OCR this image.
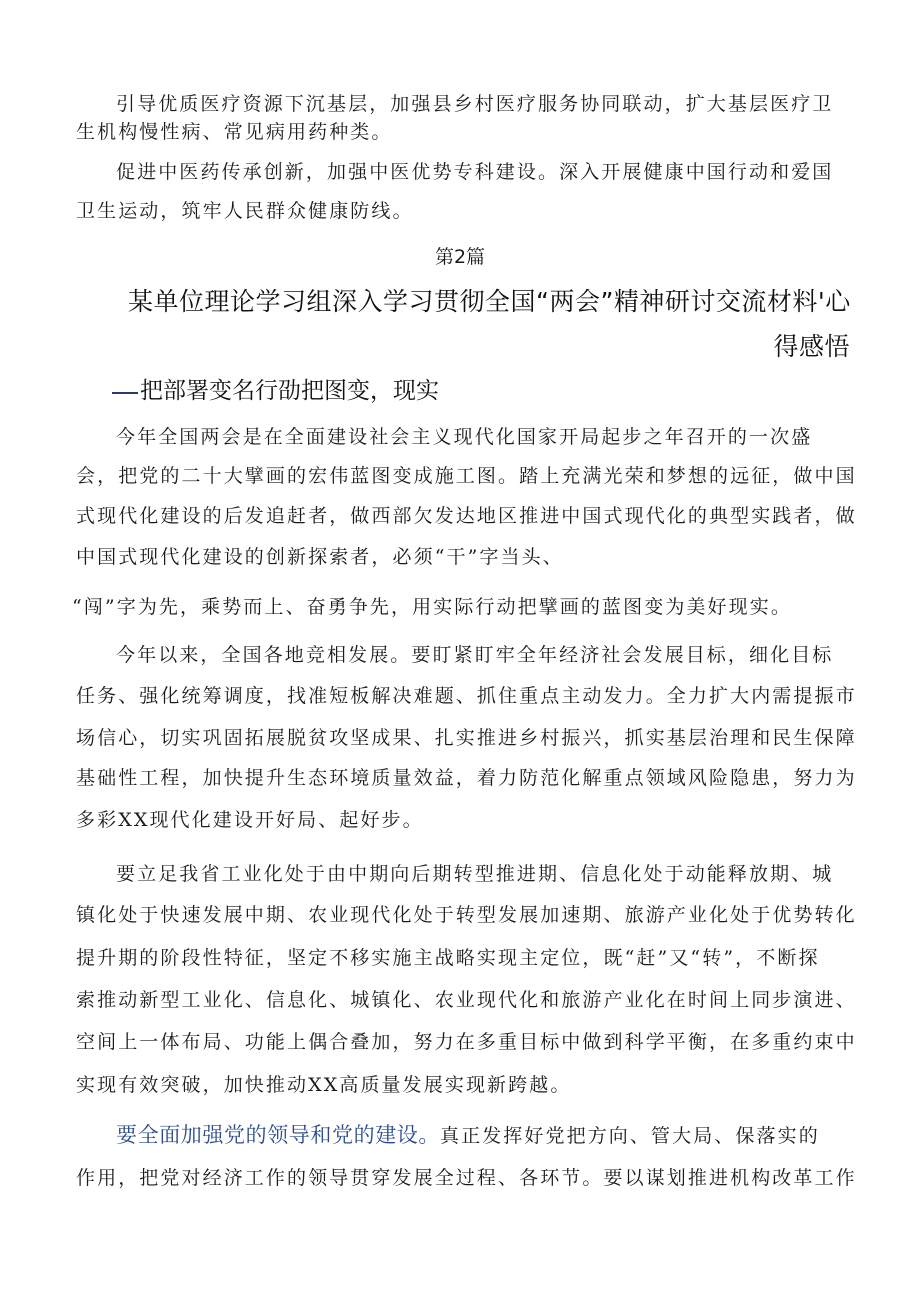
引导优质医疗资源下沉基层，加强县乡村医疗服务协同联动，扩大基层医疗卫
生机构慢性病、常见病用药种类。
促进中医药传承创新，加强中医优势专科建设。深入开展健康中国行动和爱国
卫生运动，筑牢人民群众健康防线。
第2篇
某单位理论学习组深入学习贯彻全国“两会”精神研讨交流材料'心
得感悟
把部署变名行劭把图变，现实
今年全国两会是在全面建设社会主义现代化国家开局起步之年召开的一次盛
会，把党的二十大擘画的宏伟蓝图变成施工图。踏上充满光荣和梦想的远征，做中国
式现代化建设的后发追赶者，做西部欠发达地区推进中国式现代化的典型实践者，做
中国式现代化建设的创新探索者，必须“干”字当头、
“闯”字为先，乘势而上、奋勇争先，用实际行动把擘画的蓝图变为美好现实。
今年以来，全国各地竞相发展。要盯紧盯牢全年经济社会发展目标，细化目标
任务、强化统筹调度，找准短板解决难题、抓住重点主动发力。全力扩大内需提振市
场信心，切实巩固拓展脱贫攻坚成果、扎实推进乡村振兴，抓实基层治理和民生保障
基础性工程，加快提升生态环境质量效益，着力防范化解重点领域风险隐患，努力为
多彩XX现代化建设开好局、起好步。
要立足我省工业化处于由中期向后期转型推进期、信息化处于动能释放期、城
镇化处于快速发展中期、农业现代化处于转型发展加速期、旅游产业化处于优势转化
提升期的阶段性特征，坚定不移实施主战略实现主定位，既“赶”又“转”，不断探
索推动新型工业化、信息化、城镇化、农业现代化和旅游产业化在时间上同步演进、
空间上一体布局、功能上偶合叠加，努力在多重目标中做到科学平衡，在多重约束中
实现有效突破，加快推动XX高质量发展实现新跨越。
要全面加强党的领导和党的建设。真正发挥好党把方向、管大局、保落实的
作用，把党对经济工作的领导贯穿发展全过程、各环节。要以谋划推进机构改革工作
